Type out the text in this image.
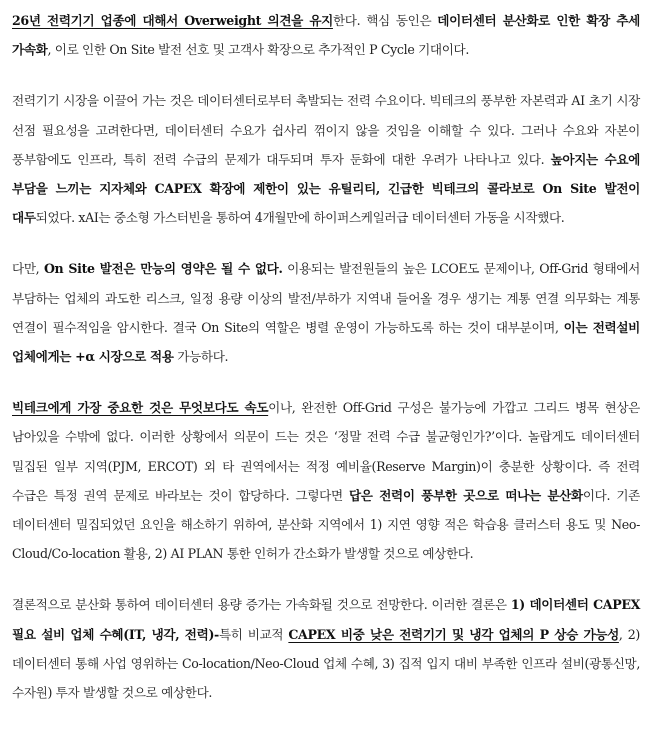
26년 전력기기 업종에 대해서 Overweight 의견을 유지한다. 핵심 동인은 데이터센터 분산화로 인한 확장 추세 가속화, 이로 인한 On Site 발전 선호 및 고객사 확장으로 추가적인 P Cycle 기대이다.

전력기기 시장을 이끌어 가는 것은 데이터센터로부터 촉발되는 전력 수요이다. 빅테크의 풍부한 자본력과 AI 초기 시장 선점 필요성을 고려한다면, 데이터센터 수요가 쉽사리 꺾이지 않을 것임을 이해할 수 있다. 그러나 수요와 자본이 풍부함에도 인프라, 특히 전력 수급의 문제가 대두되며 투자 둔화에 대한 우려가 나타나고 있다. 높아지는 수요에 부담을 느끼는 지자체와 CAPEX 확장에 제한이 있는 유틸리티, 긴급한 빅테크의 콜라보로 On Site 발전이 대두되었다. xAI는 중소형 가스터빈을 통하여 4개월만에 하이퍼스케일러급 데이터센터 가동을 시작했다.

다만, On Site 발전은 만능의 영약은 될 수 없다. 이용되는 발전원들의 높은 LCOE도 문제이나, Off-Grid 형태에서 부담하는 업체의 과도한 리스크, 일정 용량 이상의 발전/부하가 지역내 들어올 경우 생기는 계통 연결 의무화는 계통 연결이 필수적임을 암시한다. 결국 On Site의 역할은 병렬 운영이 가능하도록 하는 것이 대부분이며, 이는 전력설비 업체에게는 +α 시장으로 적용 가능하다.

빅테크에게 가장 중요한 것은 무엇보다도 속도이나, 완전한 Off-Grid 구성은 불가능에 가깝고 그리드 병목 현상은 남아있을 수밖에 없다. 이러한 상황에서 의문이 드는 것은 ‘정말 전력 수급 불균형인가?’이다. 놀랍게도 데이터센터 밀집된 일부 지역(PJM, ERCOT) 외 타 권역에서는 적정 예비율(Reserve Margin)이 충분한 상황이다. 즉 전력 수급은 특정 권역 문제로 바라보는 것이 합당하다. 그렇다면 답은 전력이 풍부한 곳으로 떠나는 분산화이다. 기존 데이터센터 밀집되었던 요인을 해소하기 위하여, 분산화 지역에서 1) 지연 영향 적은 학습용 클러스터 용도 및 Neo-Cloud/Co-location 활용, 2) AI PLAN 통한 인허가 간소화가 발생할 것으로 예상한다.

결론적으로 분산화 통하여 데이터센터 용량 증가는 가속화될 것으로 전망한다. 이러한 결론은 1) 데이터센터 CAPEX 필요 설비 업체 수혜(IT, 냉각, 전력)-특히 비교적 CAPEX 비중 낮은 전력기기 및 냉각 업체의 P 상승 가능성, 2) 데이터센터 통해 사업 영위하는 Co-location/Neo-Cloud 업체 수혜, 3) 집적 입지 대비 부족한 인프라 설비(광통신망, 수자원) 투자 발생할 것으로 예상한다.
